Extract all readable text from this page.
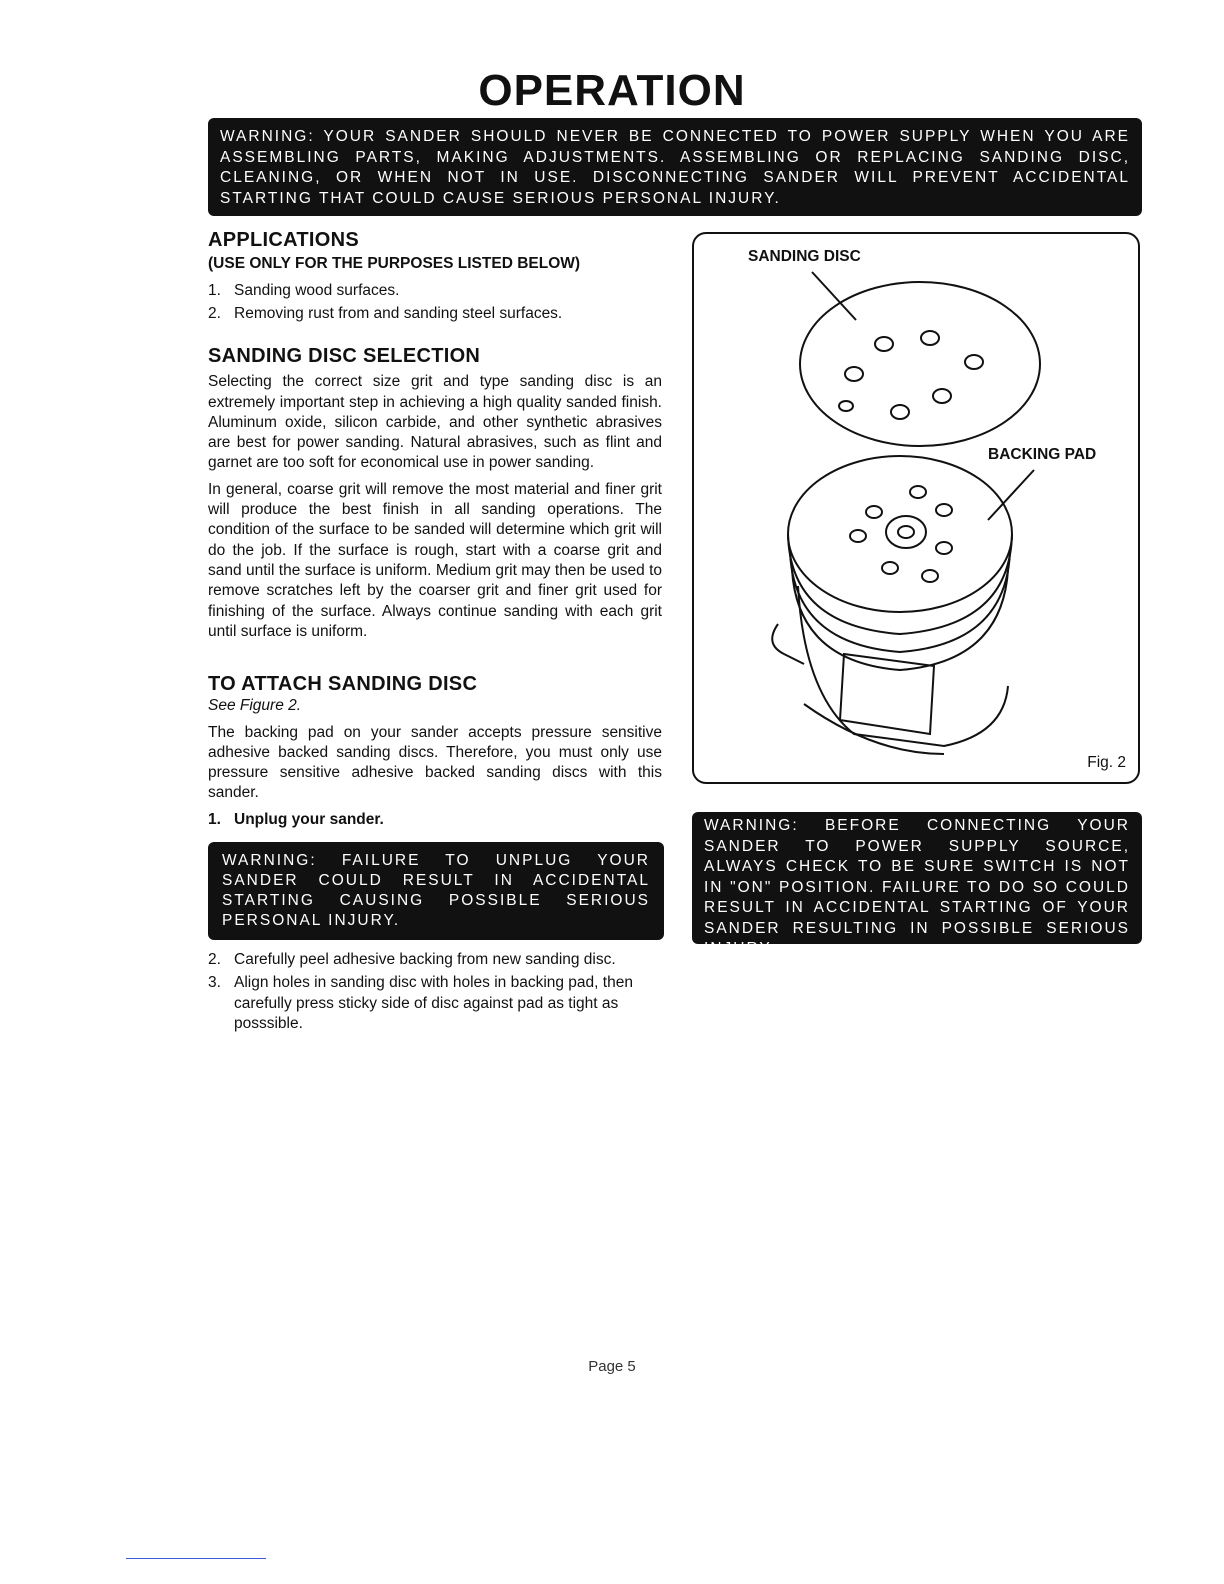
OPERATION
WARNING: YOUR SANDER SHOULD NEVER BE CONNECTED TO POWER SUPPLY WHEN YOU ARE ASSEMBLING PARTS, MAKING ADJUSTMENTS. ASSEMBLING OR REPLACING SANDING DISC, CLEANING, OR WHEN NOT IN USE. DISCONNECTING SANDER WILL PREVENT ACCIDENTAL STARTING THAT COULD CAUSE SERIOUS PERSONAL INJURY.
APPLICATIONS
(USE ONLY FOR THE PURPOSES LISTED BELOW)
1. Sanding wood surfaces.
2. Removing rust from and sanding steel surfaces.
SANDING DISC SELECTION

Selecting the correct size grit and type sanding disc is an extremely important step in achieving a high quality sanded finish. Aluminum oxide, silicon carbide, and other synthetic abrasives are best for power sanding. Natural abrasives, such as flint and garnet are too soft for economical use in power sanding.

In general, coarse grit will remove the most material and finer grit will produce the best finish in all sanding operations. The condition of the surface to be sanded will determine which grit will do the job. If the surface is rough, start with a coarse grit and sand until the surface is uniform. Medium grit may then be used to remove scratches left by the coarser grit and finer grit used for finishing of the surface. Always continue sanding with each grit until surface is uniform.

TO ATTACH SANDING DISC
See Figure 2.

The backing pad on your sander accepts pressure sensitive adhesive backed sanding discs. Therefore, you must only use pressure sensitive adhesive backed sanding discs with this sander.

1. Unplug your sander.
WARNING: FAILURE TO UNPLUG YOUR SANDER COULD RESULT IN ACCIDENTAL STARTING CAUSING POSSIBLE SERIOUS PERSONAL INJURY.
2. Carefully peel adhesive backing from new sanding disc.
3. Align holes in sanding disc with holes in backing pad, then carefully press sticky side of disc against pad as tight as posssible.
SANDING DISC
BACKING PAD
Fig. 2
WARNING: BEFORE CONNECTING YOUR SANDER TO POWER SUPPLY SOURCE, ALWAYS CHECK TO BE SURE SWITCH IS NOT IN "ON" POSITION. FAILURE TO DO SO COULD RESULT IN ACCIDENTAL STARTING OF YOUR SANDER RESULTING IN POSSIBLE SERIOUS INJURY.
Page 5
